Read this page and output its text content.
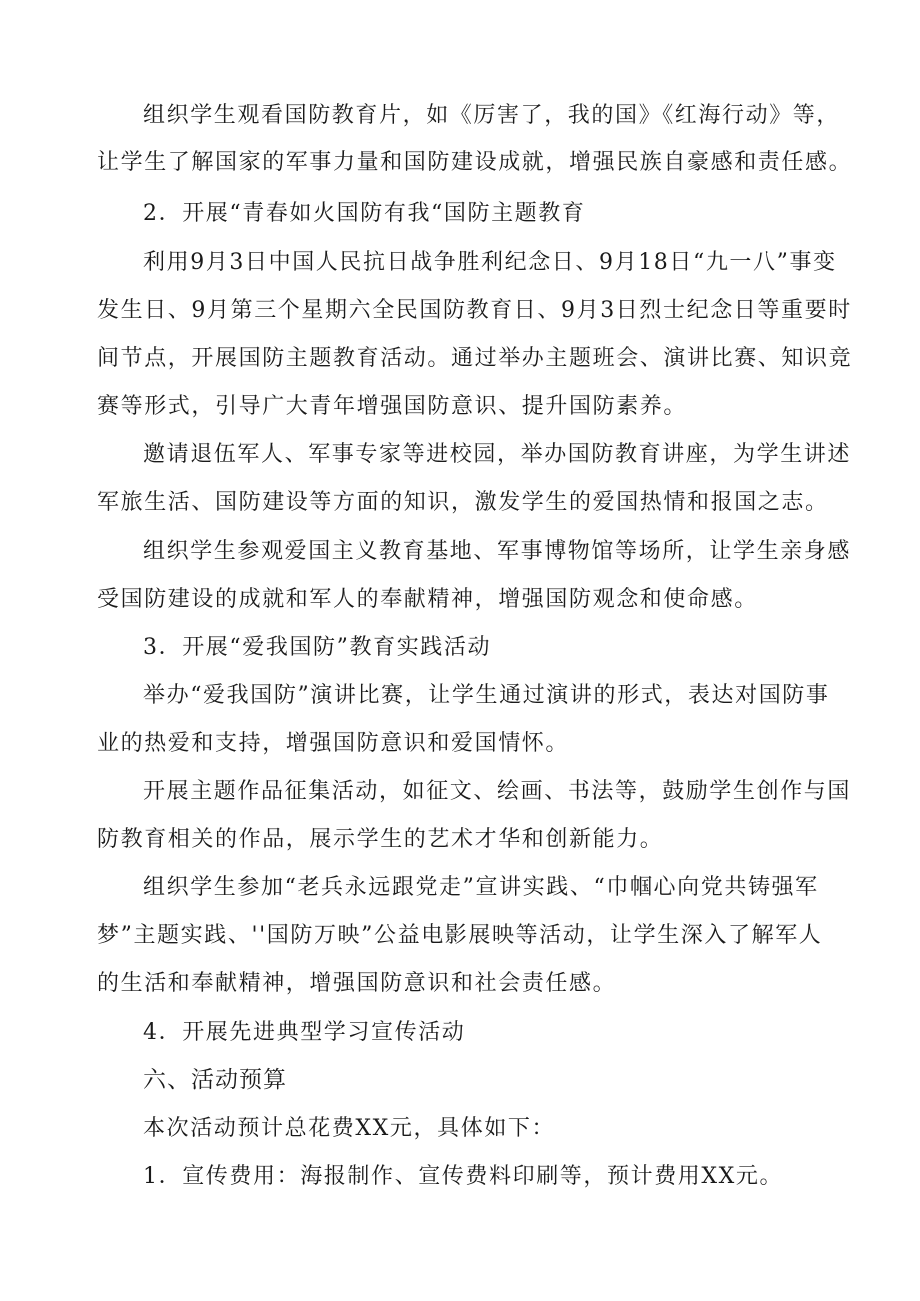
组织学生观看国防教育片，如《厉害了，我的国》《红海行动》等，
让学生了解国家的军事力量和国防建设成就，增强民族自豪感和责任感。
2．开展“青春如火国防有我“国防主题教育
利用9月3日中国人民抗日战争胜利纪念日、9月18日“九一八”事变
发生日、9月第三个星期六全民国防教育日、9月3日烈士纪念日等重要时
间节点，开展国防主题教育活动。通过举办主题班会、演讲比赛、知识竞
赛等形式，引导广大青年增强国防意识、提升国防素养。
邀请退伍军人、军事专家等进校园，举办国防教育讲座，为学生讲述
军旅生活、国防建设等方面的知识，激发学生的爱国热情和报国之志。
组织学生参观爱国主义教育基地、军事博物馆等场所，让学生亲身感
受国防建设的成就和军人的奉献精神，增强国防观念和使命感。
3．开展“爱我国防”教育实践活动
举办“爱我国防”演讲比赛，让学生通过演讲的形式，表达对国防事
业的热爱和支持，增强国防意识和爱国情怀。
开展主题作品征集活动，如征文、绘画、书法等，鼓励学生创作与国
防教育相关的作品，展示学生的艺术才华和创新能力。
组织学生参加“老兵永远跟党走”宣讲实践、“巾帼心向党共铸强军
梦”主题实践、''国防万映”公益电影展映等活动，让学生深入了解军人
的生活和奉献精神，增强国防意识和社会责任感。
4．开展先进典型学习宣传活动
六、活动预算
本次活动预计总花费XX元，具体如下：
1．宣传费用：海报制作、宣传费料印刷等，预计费用XX元。
